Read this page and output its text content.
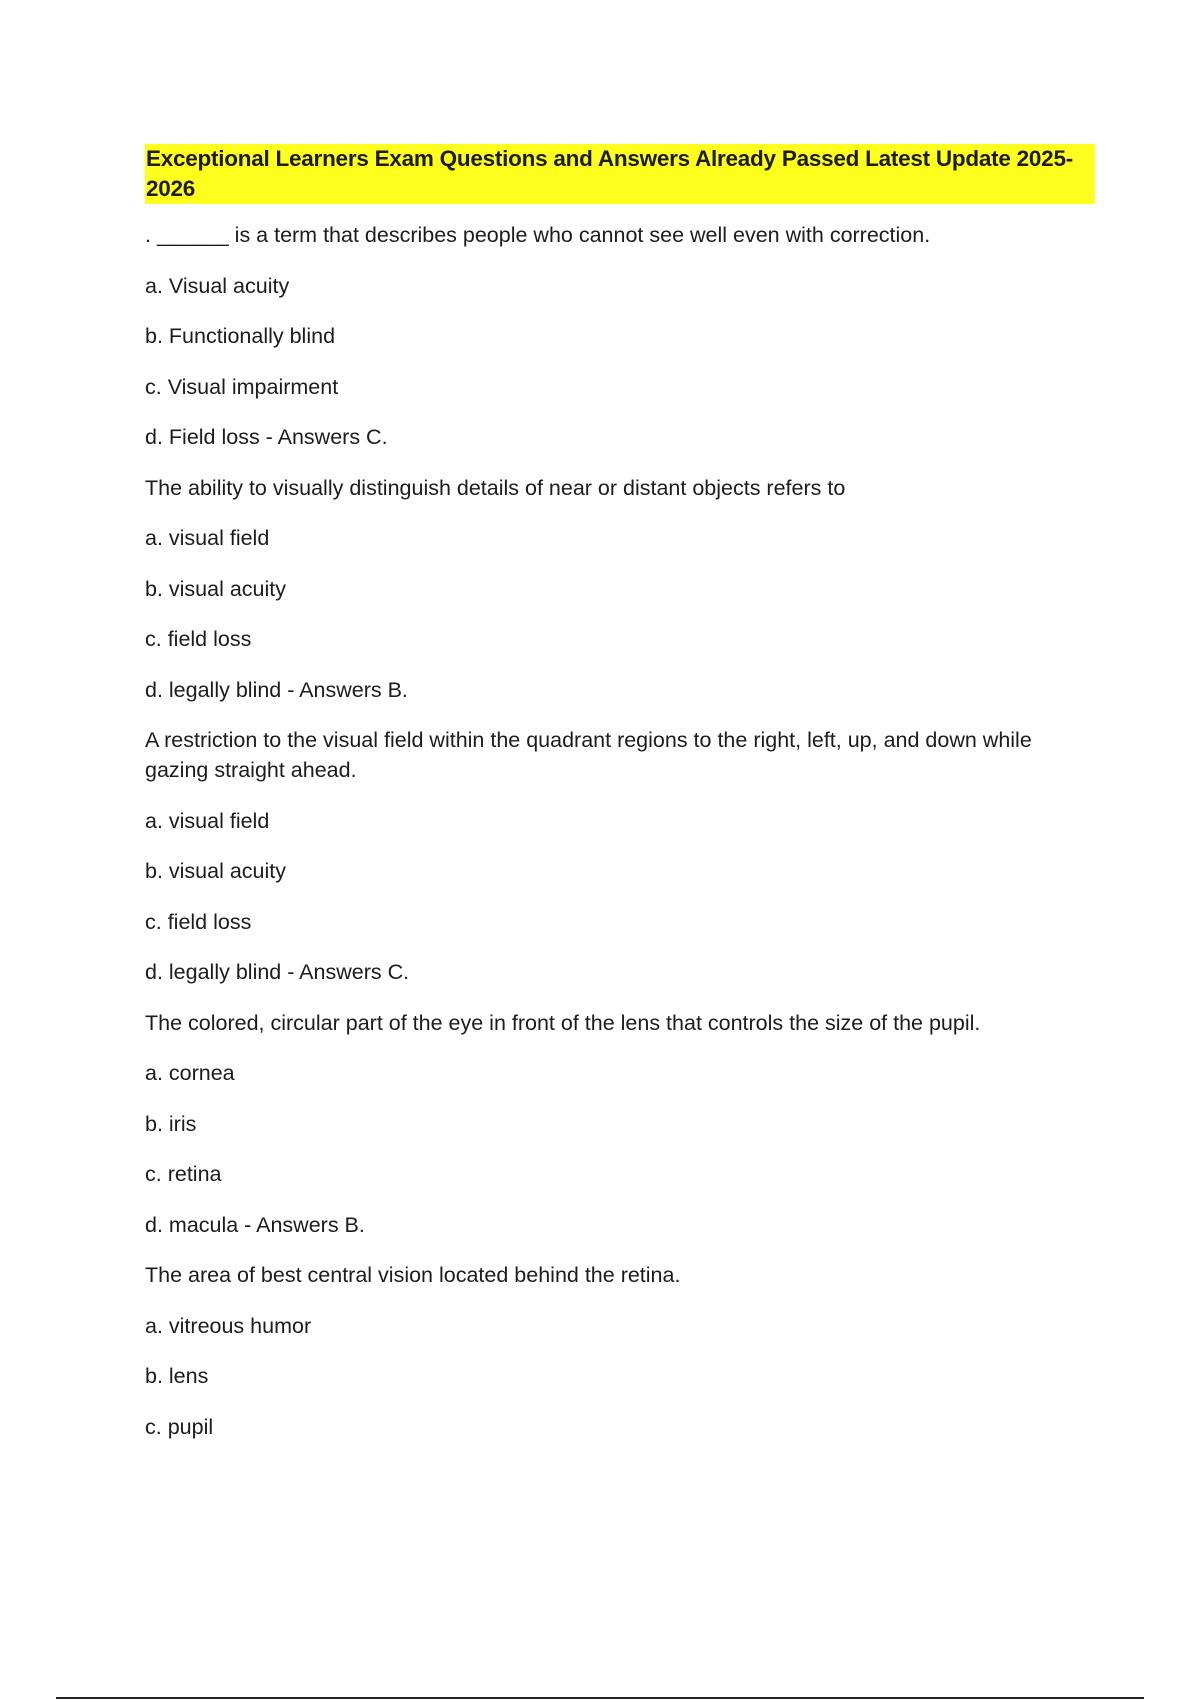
Exceptional Learners Exam Questions and Answers Already Passed Latest Update 2025-2026

. ______ is a term that describes people who cannot see well even with correction.

a. Visual acuity

b. Functionally blind

c. Visual impairment

d. Field loss - Answers C.

The ability to visually distinguish details of near or distant objects refers to

a. visual field

b. visual acuity

c. field loss

d. legally blind - Answers B.

A restriction to the visual field within the quadrant regions to the right, left, up, and down while gazing straight ahead.

a. visual field

b. visual acuity

c. field loss

d. legally blind - Answers C.

The colored, circular part of the eye in front of the lens that controls the size of the pupil.

a. cornea

b. iris

c. retina

d. macula - Answers B.

The area of best central vision located behind the retina.

a. vitreous humor

b. lens

c. pupil
